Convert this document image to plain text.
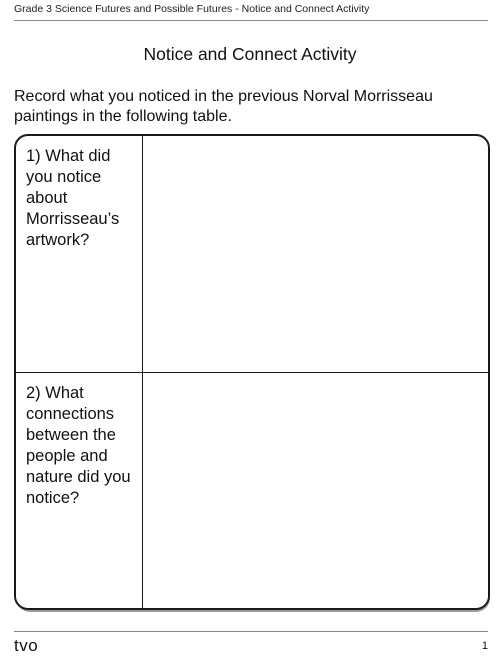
Grade 3 Science Futures and Possible Futures - Notice and Connect Activity
Notice and Connect Activity

Record what you noticed in the previous Norval Morrisseau paintings in the following table.

1) What did you notice about Morrisseau’s artwork?
2) What connections between the people and nature did you notice?
tvo	1
